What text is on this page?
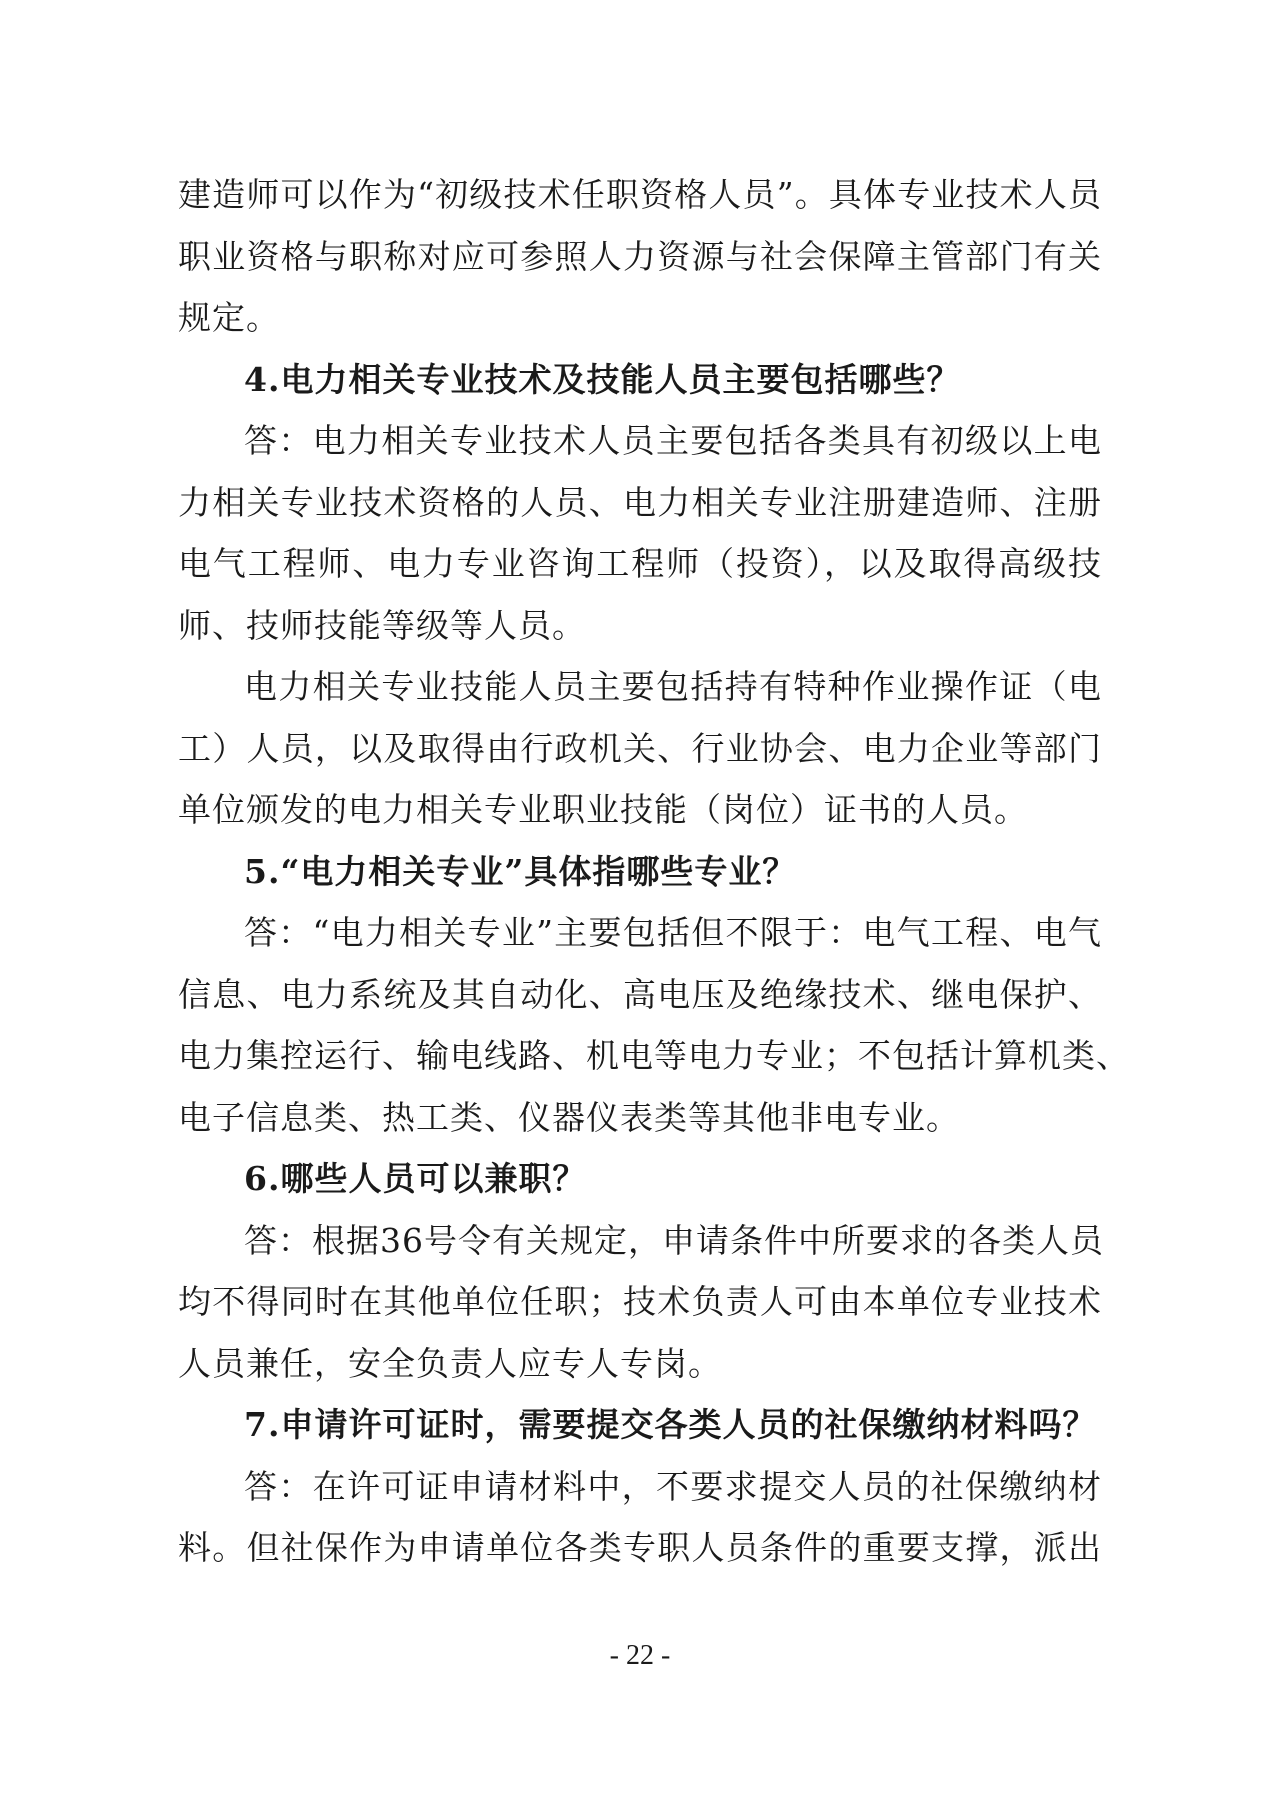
建造师可以作为“初级技术任职资格人员”。具体专业技术人员
职业资格与职称对应可参照人力资源与社会保障主管部门有关
规定。
4.电力相关专业技术及技能人员主要包括哪些？
答：电力相关专业技术人员主要包括各类具有初级以上电
力相关专业技术资格的人员、电力相关专业注册建造师、注册
电气工程师、电力专业咨询工程师（投资），以及取得高级技
师、技师技能等级等人员。
电力相关专业技能人员主要包括持有特种作业操作证（电
工）人员，以及取得由行政机关、行业协会、电力企业等部门
单位颁发的电力相关专业职业技能（岗位）证书的人员。
5.“电力相关专业”具体指哪些专业？
答：“电力相关专业”主要包括但不限于：电气工程、电气
信息、电力系统及其自动化、高电压及绝缘技术、继电保护、
电力集控运行、输电线路、机电等电力专业；不包括计算机类、
电子信息类、热工类、仪器仪表类等其他非电专业。
6.哪些人员可以兼职？
答：根据36号令有关规定，申请条件中所要求的各类人员
均不得同时在其他单位任职；技术负责人可由本单位专业技术
人员兼任，安全负责人应专人专岗。
7.申请许可证时，需要提交各类人员的社保缴纳材料吗？
答：在许可证申请材料中，不要求提交人员的社保缴纳材
料。但社保作为申请单位各类专职人员条件的重要支撑，派出
- 22 -
